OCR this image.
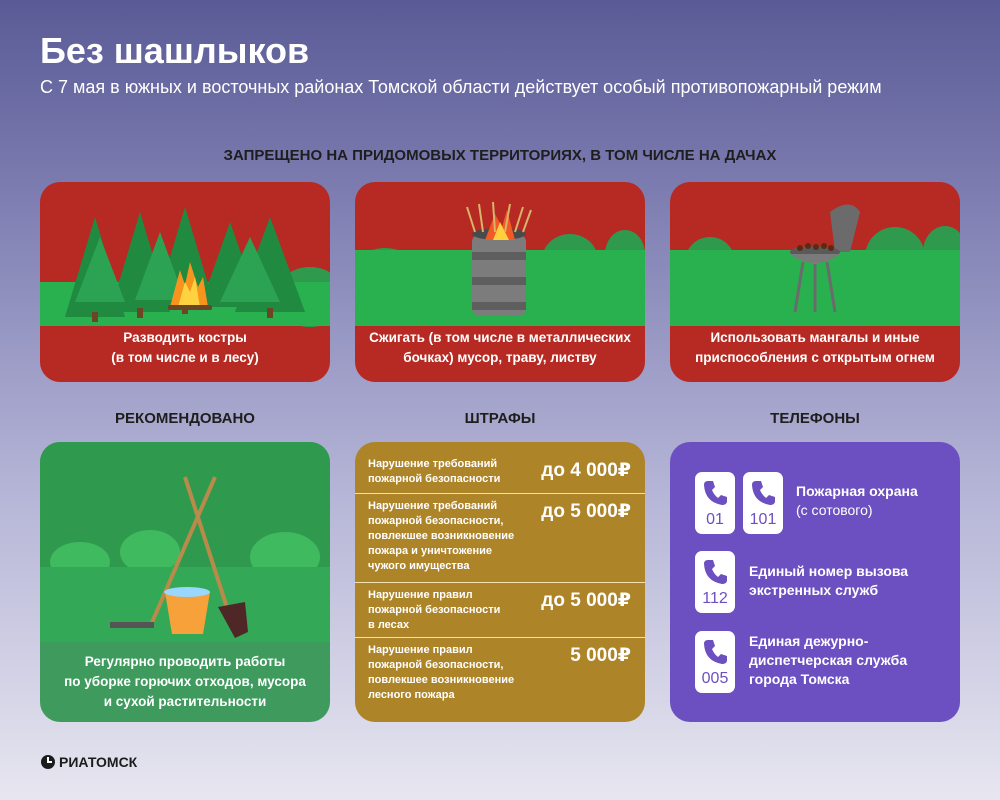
Без шашлыков
С 7 мая в южных и восточных районах Томской области действует особый противопожарный режим
ЗАПРЕЩЕНО НА ПРИДОМОВЫХ ТЕРРИТОРИЯХ, В ТОМ ЧИСЛЕ НА ДАЧАХ
Разводить костры
(в том числе и в лесу)
Сжигать (в том числе в металлических
бочках) мусор, траву, листву
Использовать мангалы и иные
приспособления с открытым огнем
РЕКОМЕНДОВАНО	ШТРАФЫ	ТЕЛЕФОНЫ
Регулярно проводить работы
по уборке горючих отходов, мусора
и сухой растительности
Нарушение требований
пожарной безопасности до 4 000₽
Нарушение требований
пожарной безопасности,
повлекшее возникновение
пожара и уничтожение
чужого имущества
до 5 000₽
Нарушение правил
пожарной безопасности
в лесах
до 5 000₽
Нарушение правил
пожарной безопасности,
повлекшее возникновение
лесного пожара
5 000₽
01	101
Пожарная охрана
(с сотового)
112
Единый номер вызова
экстренных служб
005
Единая дежурно-
диспетчерская служба
города Томска
РИАТОМСК
